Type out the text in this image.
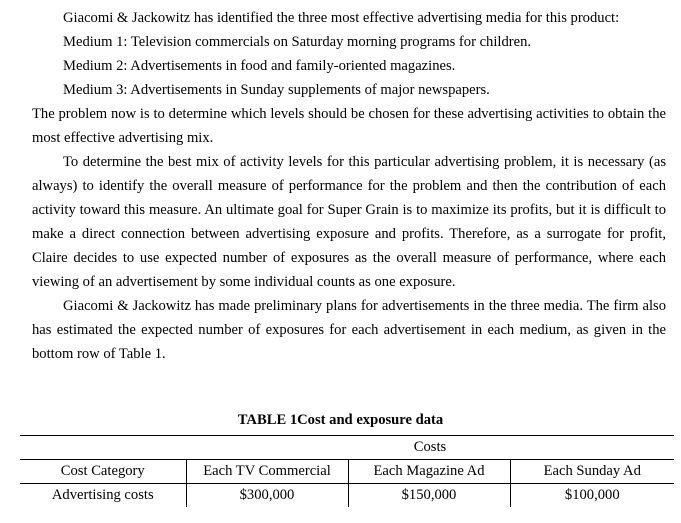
Giacomi & Jackowitz has identified the three most effective advertising media for this product:

Medium 1: Television commercials on Saturday morning programs for children.

Medium 2: Advertisements in food and family-oriented magazines.

Medium 3: Advertisements in Sunday supplements of major newspapers.

The problem now is to determine which levels should be chosen for these advertising activities to obtain the most effective advertising mix.

To determine the best mix of activity levels for this particular advertising problem, it is necessary (as always) to identify the overall measure of performance for the problem and then the contribution of each activity toward this measure. An ultimate goal for Super Grain is to maximize its profits, but it is difficult to make a direct connection between advertising exposure and profits. Therefore, as a surrogate for profit, Claire decides to use expected number of exposures as the overall measure of performance, where each viewing of an advertisement by some individual counts as one exposure.

Giacomi & Jackowitz has made preliminary plans for advertisements in the three media. The firm also has estimated the expected number of exposures for each advertisement in each medium, as given in the bottom row of Table 1.

TABLE 1Cost and exposure data
	Costs		
Cost Category	Each TV Commercial	Each Magazine Ad	Each Sunday Ad
Advertising costs	$300,000	$150,000	$100,000
